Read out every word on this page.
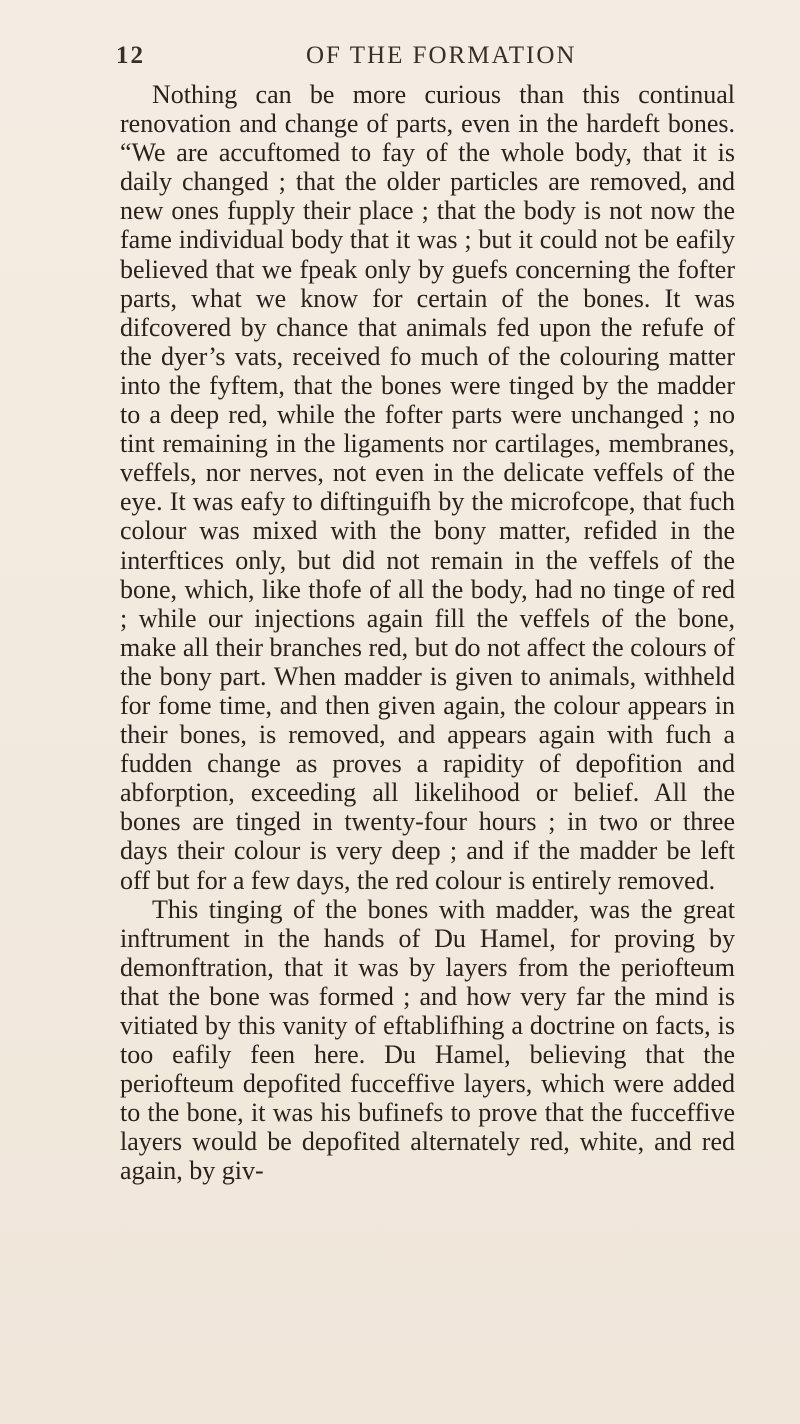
12	OF THE FORMATION

Nothing can be more curious than this continual renovation and change of parts, even in the hardeft bones. “We are accuftomed to fay of the whole body, that it is daily changed ; that the older particles are removed, and new ones fupply their place ; that the body is not now the fame individual body that it was ; but it could not be eafily believed that we fpeak only by guefs concerning the fofter parts, what we know for certain of the bones. It was difcovered by chance that animals fed upon the refufe of the dyer’s vats, received fo much of the colouring matter into the fyftem, that the bones were tinged by the madder to a deep red, while the fofter parts were unchanged ; no tint remaining in the ligaments nor cartilages, membranes, veffels, nor nerves, not even in the delicate veffels of the eye. It was eafy to diftinguifh by the microfcope, that fuch colour was mixed with the bony matter, refided in the interftices only, but did not remain in the veffels of the bone, which, like thofe of all the body, had no tinge of red ; while our injections again fill the veffels of the bone, make all their branches red, but do not affect the colours of the bony part. When madder is given to animals, withheld for fome time, and then given again, the colour appears in their bones, is removed, and appears again with fuch a fudden change as proves a rapidity of depofition and abforption, exceeding all likelihood or belief. All the bones are tinged in twenty-four hours ; in two or three days their colour is very deep ; and if the madder be left off but for a few days, the red colour is entirely removed.

This tinging of the bones with madder, was the great inftrument in the hands of Du Hamel, for proving by demonftration, that it was by layers from the periofteum that the bone was formed ; and how very far the mind is vitiated by this vanity of eftablifhing a doctrine on facts, is too eafily feen here. Du Hamel, believing that the periofteum depofited fucceffive layers, which were added to the bone, it was his bufinefs to prove that the fucceffive layers would be depofited alternately red, white, and red again, by giv-
